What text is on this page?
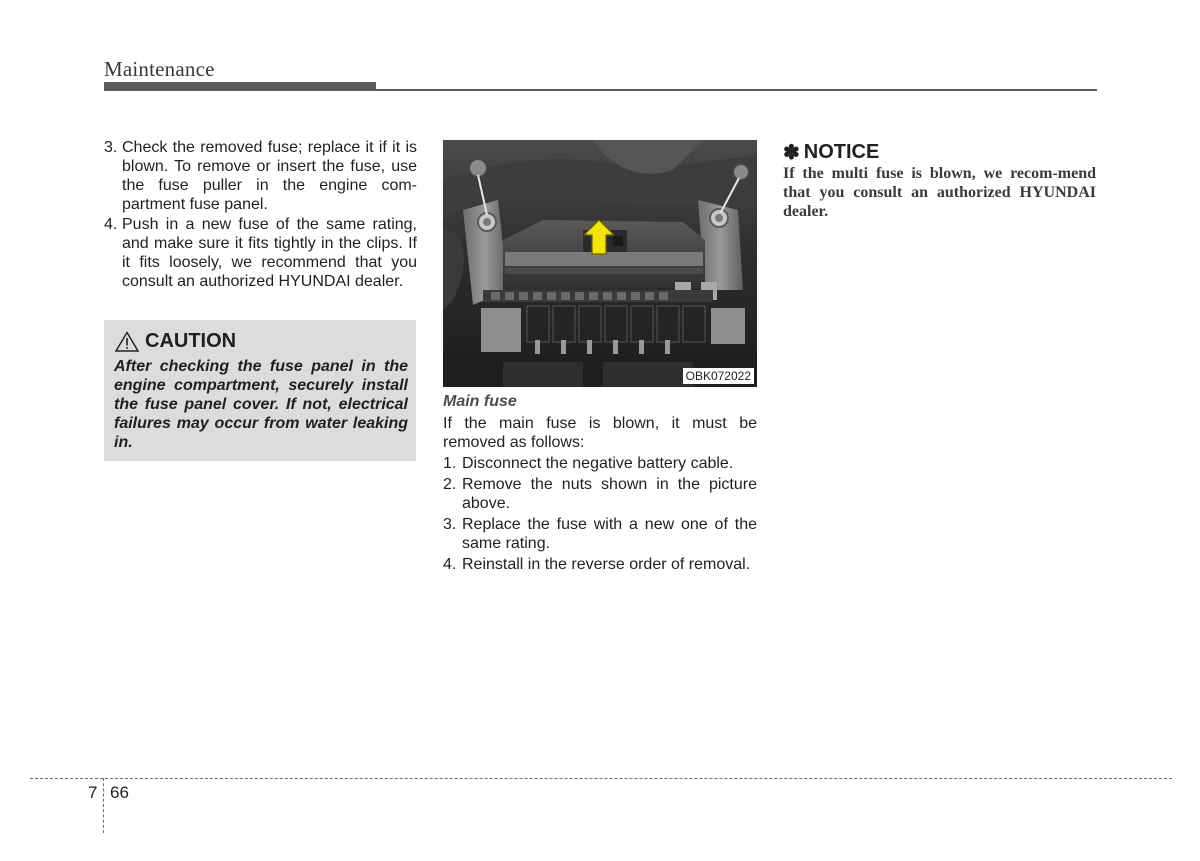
Maintenance
3. Check the removed fuse; replace it if it is blown. To remove or insert the fuse, use the fuse puller in the engine com-partment fuse panel.
4. Push in a new fuse of the same rating, and make sure it fits tightly in the clips. If it fits loosely, we recommend that you consult an authorized HYUNDAI dealer.
CAUTION
After checking the fuse panel in the engine compartment, securely install the fuse panel cover. If not, electrical failures may occur from water leaking in.
OBK072022
Main fuse
If the main fuse is blown, it must be removed as follows:
1. Disconnect the negative battery cable.
2. Remove the nuts shown in the picture above.
3. Replace the fuse with a new one of the same rating.
4. Reinstall in the reverse order of removal.
✽ NOTICE
If the multi fuse is blown, we recom-mend that you consult an authorized HYUNDAI dealer.
7 66
